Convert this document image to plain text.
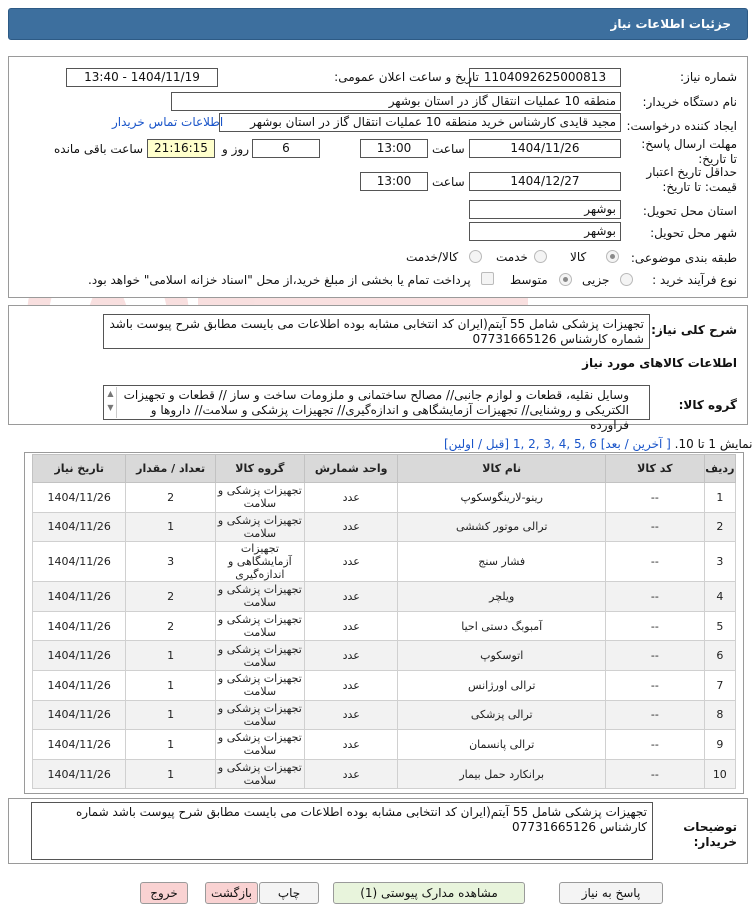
جزئیات اطلاعات نیاز
شماره نیاز:
1104092625000813
تاریخ و ساعت اعلان عمومی:
1404/11/19 - 13:40
نام دستگاه خریدار:
منطقه 10 عملیات انتقال گاز در استان بوشهر
ایجاد کننده درخواست:
مجید قایدی کارشناس خرید منطقه 10 عملیات انتقال گاز در استان بوشهر
اطلاعات تماس خریدار
مهلت ارسال پاسخ: تا تاریخ:
1404/11/26
ساعت
13:00
6
روز و
21:16:15
ساعت باقی مانده
حداقل تاریخ اعتبار قیمت: تا تاریخ:
1404/12/27
ساعت
13:00
استان محل تحویل:
بوشهر
شهر محل تحویل:
بوشهر
طبقه بندی موضوعی:
کالا
خدمت
کالا/خدمت
نوع فرآیند خرید :
جزیی
متوسط
پرداخت تمام یا بخشی از مبلغ خرید،از محل "اسناد خزانه اسلامی" خواهد بود.
شرح کلی نیاز:
تجهیزات پزشکی شامل 55 آیتم(ایران کد انتخابی مشابه بوده اطلاعات می بایست مطابق شرح پیوست باشد شماره کارشناس 07731665126
اطلاعات کالاهای مورد نیاز
گروه کالا:
وسایل نقلیه، قطعات و لوازم جانبی// مصالح ساختمانی و ملزومات ساخت و ساز // قطعات و تجهیزات الکتریکی و روشنایی// تجهیزات آزمایشگاهی و اندازه‌گیری// تجهیزات پزشکی و سلامت// داروها و فراورده
▲
▼
نمایش 1 تا 10. [ آخرین / بعد] 6 ,5 ,4 ,3 ,2 ,1 [قبل / اولین]
ردیف	کد کالا	نام کالا	واحد شمارش	گروه کالا	تعداد / مقدار	تاریخ نیاز
1	--	رینو-لارینگوسکوپ	عدد	تجهیزات پزشکی و سلامت	2	1404/11/26
2	--	ترالی موتور کششی	عدد	تجهیزات پزشکی و سلامت	1	1404/11/26
3	--	فشار سنج	عدد	تجهیزات آزمایشگاهی و اندازه‌گیری	3	1404/11/26
4	--	ویلچر	عدد	تجهیزات پزشکی و سلامت	2	1404/11/26
5	--	آمبوبگ دستی احیا	عدد	تجهیزات پزشکی و سلامت	2	1404/11/26
6	--	اتوسکوپ	عدد	تجهیزات پزشکی و سلامت	1	1404/11/26
7	--	ترالی اورژانس	عدد	تجهیزات پزشکی و سلامت	1	1404/11/26
8	--	ترالی پزشکی	عدد	تجهیزات پزشکی و سلامت	1	1404/11/26
9	--	ترالی پانسمان	عدد	تجهیزات پزشکی و سلامت	1	1404/11/26
10	--	برانکارد حمل بیمار	عدد	تجهیزات پزشکی و سلامت	1	1404/11/26
توضیحات خریدار:
تجهیزات پزشکی شامل 55 آیتم(ایران کد انتخابی مشابه بوده اطلاعات می بایست مطابق شرح پیوست باشد شماره کارشناس 07731665126
پاسخ به نیاز
مشاهده مدارک پیوستی (1)
چاپ
بازگشت
خروج
